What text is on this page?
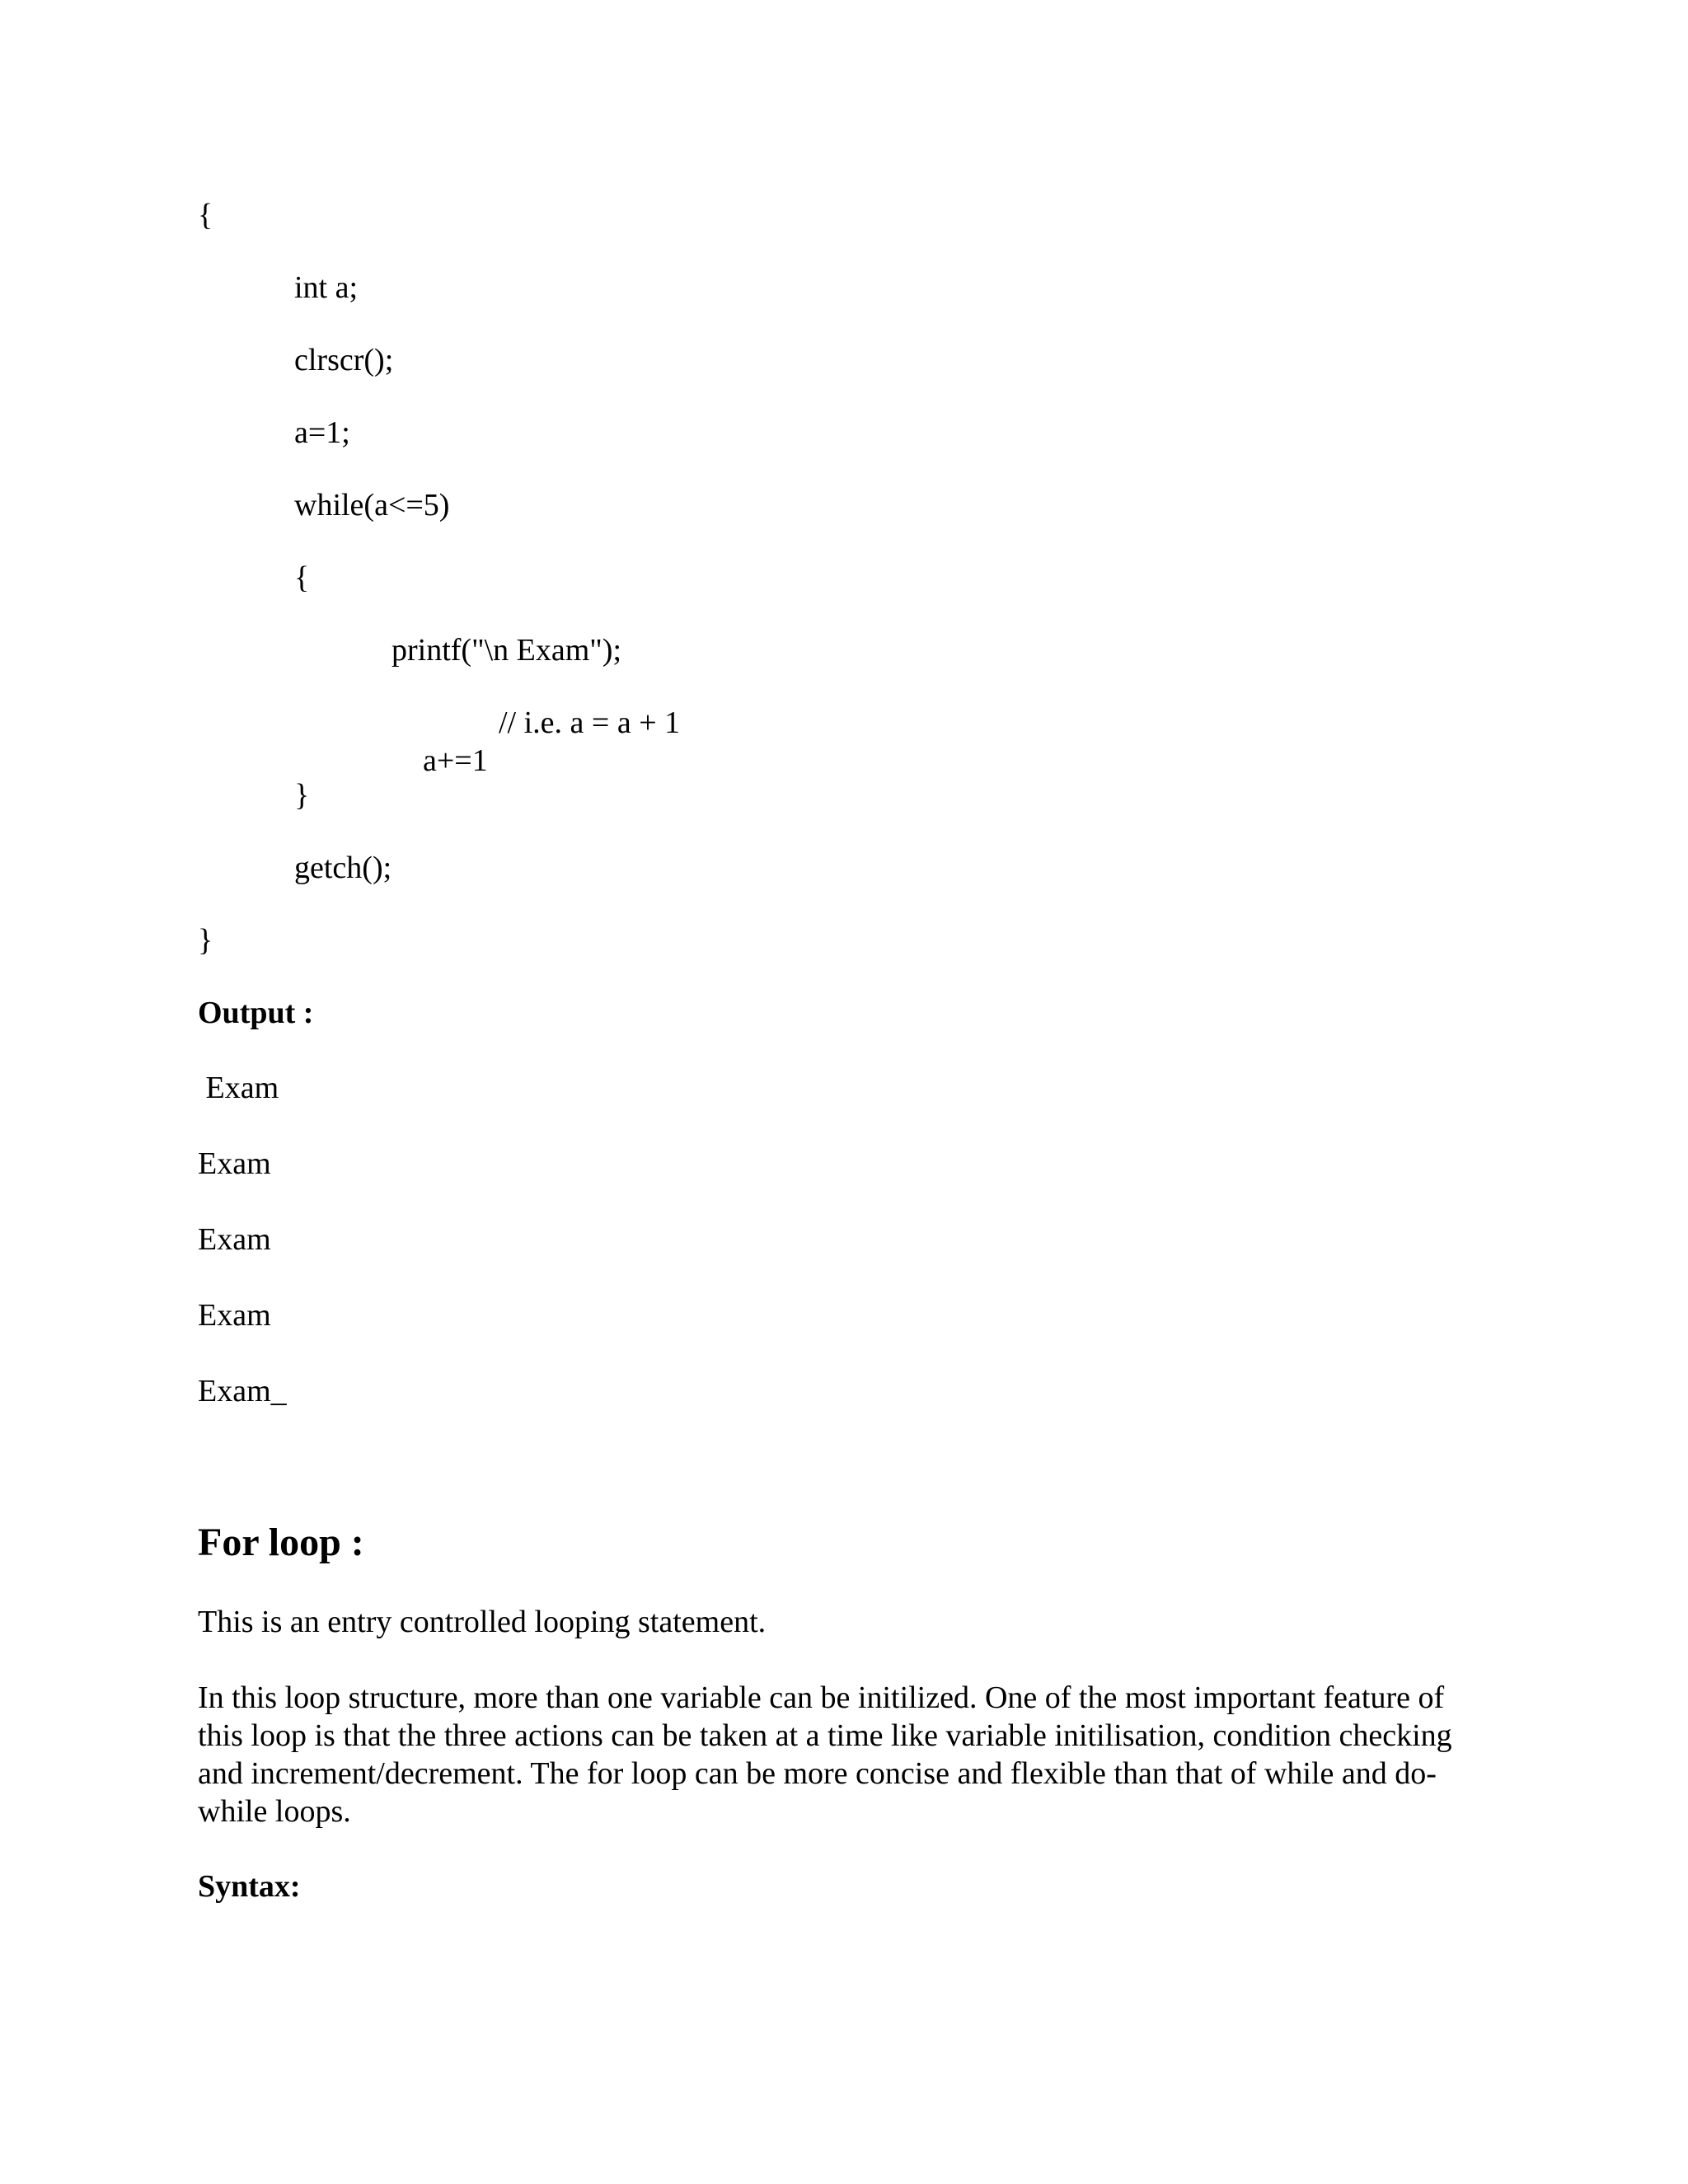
{
int a;
clrscr();
a=1;
while(a<=5)
{
printf("\n Exam");

a+=1

// i.e. a = a + 1

}
getch();
}
Output :
Exam
Exam
Exam
Exam
Exam_
For loop :
This is an entry controlled looping statement.
In this loop structure, more than one variable can be initilized. One of the most important feature of this loop is that the three actions can be taken at a time like variable initilisation, condition checking and increment/decrement. The for loop can be more concise and flexible than that of while and do-while loops.
Syntax:
